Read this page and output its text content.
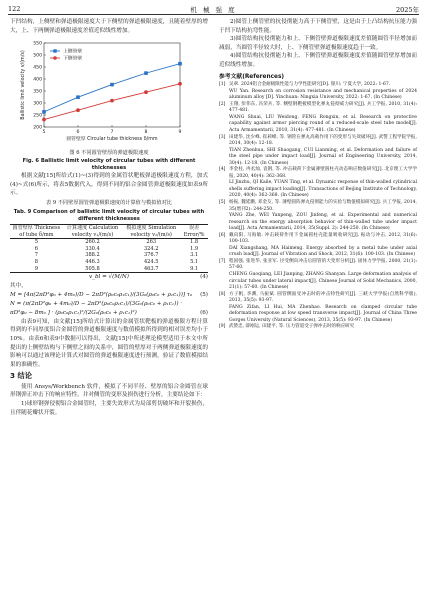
122	机 械 强 度	2025年

下凹结构，上侧壁和弹道极限速度大于下侧壁的弹道极限速度，且随着壁厚的增大，上、下两侧弹道极限速度差值近似线性增加。

200
250
300
350
400
450
500
550
5	6	7	8	9
圆管壁厚 Circular tube thickness δ/mm
Ballistic limit velocity v/(m/s)	上侧管壁
下侧管壁
图 6 不同圆管壁厚的弹道极限速度
Fig. 6 Ballistic limit velocity of circular tubes with different thicknesses

根据文献[15]所给式(1)~(3)得到的金属管状靶板弹道极限速度方程，加式(4)~式(6)所示，将表5数据代入，得到不同的铝合金圆管弹道极限速度如表9所示。

表 9 不同壁厚圆管弹道极限速度的计算值与模拟值对比
Tab. 9 Comparison of ballistic limit velocity of circular tubes with different thicknesses
圆管壁厚 Thickness of tube δ/mm	计算速度 Calculation velocity v₁/(m/s)	模拟速度 Simulation velocity v₂/(m/s)	误差 Error/%
5	260.2	263	1.8
6	330.4	324.2	1.9
7	388.2	376.7	3.1
8	446.3	424.5	5.1
9	505.8	463.7	9.1
v_bl = √(M/N)	(4)

其中，

M = [4π(2πD²φ₀ + 4m₀)/D − 2πD²(ρ₀c₀ρ₁c₁)/(3G₀(ρ₀c₀ + ρ₁c₁))] τ₀ (5)
N = (π(2πD²φ₀ + 4m₀)/D − 2πD²(ρ₀c₀ρ₁c₁)/(3G₀(ρ₀c₀ + ρ₁c₁)) ·
πD²φ₀ − 8m₀ ] · (ρ₀c₀ρ₁c₁)²/(2G₀(ρ₀c₀ + ρ₁c₁)²)	(6)

由表9可知，由文献[15]所给式计算出的金属管状靶板的弹道极限方程计算得到的不同厚度铝合金圆管的弹道极限速度与数值模拟所得到的相对误差均小于10%。由表6和表9中数据可以得出，文献[15]中所述理论模型适用于本文中所提出的上侧壁结构与下侧壁之间的关系中，圆管的壁厚对于两侧弹道极限速度的影响可以通过该理论计算式对圆管的弹道极限速度进行预测，验证了数值模拟结果的准确性。

3 结论

使用 Ansys/Workbench 软件，模拟了不同半径、壁厚的铝合金圆管在球形钢弹正冲击下的响应特性，并对侧管的变形及损伤进行分析，主要结论如下：

1)球形钢弹侵彻铝合金圆管时，主要失效形式为局部剪切破坏和开裂损伤，且伴随花瓣状开裂。

2)圆管上侧管壁的抗侵彻能力高于下侧管壁，这是由于上凸结构抗压能力强于凹下结构抗弯性能。

3)圆管结构抗侵彻能力和上、下侧管壁弹道极限速度差值随圆管半径增加而减弱，当圆管半径较大时，上、下侧管壁弹道极限速度趋于一致。

4)圆管结构抗侵彻能力和上、下侧管壁弹道极限速度差值随圆管壁厚增加而近似线性增加。

参考文献(References)
[1] 吴翠. 2024铝合金耐极限性能与力学性能研究[D]. 银川: 宁夏大学, 2022: 1-67.
WU Yan. Research on corrosion resistance and mechanical properties of 2024 aluminum alloy [D]. Yinchuan: Ningxia University, 2022: 1-67. (In Chinese)
[2] 王翔, 彭伟东, 冯荣兵, 等. 侧壁钢靶板模型化弹丸侵彻威力研究[J]. 兵工学报, 2010, 31(4): 477-481.
WANG Shuai, LIU Weidong, FENG Rongxin, et al. Research on protective capability against armor piercing round of a reduced-scale steel tube model[J]. Acta Armamentarii, 2010, 31(4): 477-481. (In Chinese)
[3] 田建华, 沈少峰, 崔莉峰, 等. 钢管在弹丸高载作用下的变形与失效破坏[J]. 武警工程学院学报, 2014, 30(4): 12-18.
TIAN Zhenhua, SHI Shaogang, CUI Lianming, et al. Deformation and failure of the steel pipe under impact load[J]. Journal of Engineering University, 2014, 30(4): 12-18. (In Chinese)
[4] 李金柱, 冉丞灿, 袁钢, 等. 冲击载荷下金属薄壁圆柱壳动态响应数值研究[J]. 北京理工大学学报, 2020, 40(4): 362-368.
LI Jinzhu, QI Kaile, YUAN Ting, et al. Dynamic response of thin-walled cylindrical shells suffering impact loading[J]. Transactions of Beijing Institute of Technology, 2020, 40(4): 362-368. (In Chinese)
[5] 杨振, 魏延鹏, 邓金友, 等. 薄壁圆阵弹丸侵彻能力的实验与数值模拟研究[J]. 兵工学报, 2014, 35(增刊2): 244-250.
YANG Zhe, WEI Yanpeng, ZOU Jinfeng, et al. Experimental and numerical research on the energy absorption behavior of thin-walled tube under impact load[J]. Acta Armamentarii, 2014, 35(Suppl. 2): 244-250. (In Chinese)
[6] 戴向阳, 马海敏. 冲击载荷作用下金属圆柱壳能量吸收研究[J]. 振动与冲击, 2012, 31(6): 100-103.
DAI Xiangshang, MA Haimeng. Energy absorbed by a metal tube under axial crush load[J]. Journal of Vibration and Shock, 2012, 31(6): 100-103. (In Chinese)
[7] 程国强, 张进华, 张亚军. 径受侧向冲击后圆管的大变形分析[J]. 固体力学学报, 2000, 21(1): 57-60.
CHENG Guoqiang, LEI Jianping, ZHANG Shanyan. Large deformation analysis of circular tubes under lateral impact[J]. Chinese Journal of Solid Mechanics, 2000, 21(1): 57-60. (In Chinese)
[8] 方子帆, 李渊, 马振斌. 圆管侧面受冲击时的冲击特性研究[J]. 三峡大学学报(自然科学版), 2013, 35(5): 93-97.
FANG Zifan, LI Hui, MA Zhenhao. Research on clamped circular tube deformation response at low speed transverse impact[J]. Journal of China Three Gorges University (Natural Sciences), 2013, 35(5): 93-97. (In Chinese)
[9] 武赞忠, 薛刚运, 田建平, 等. 压力管道受子弹冲击时的响应研究
